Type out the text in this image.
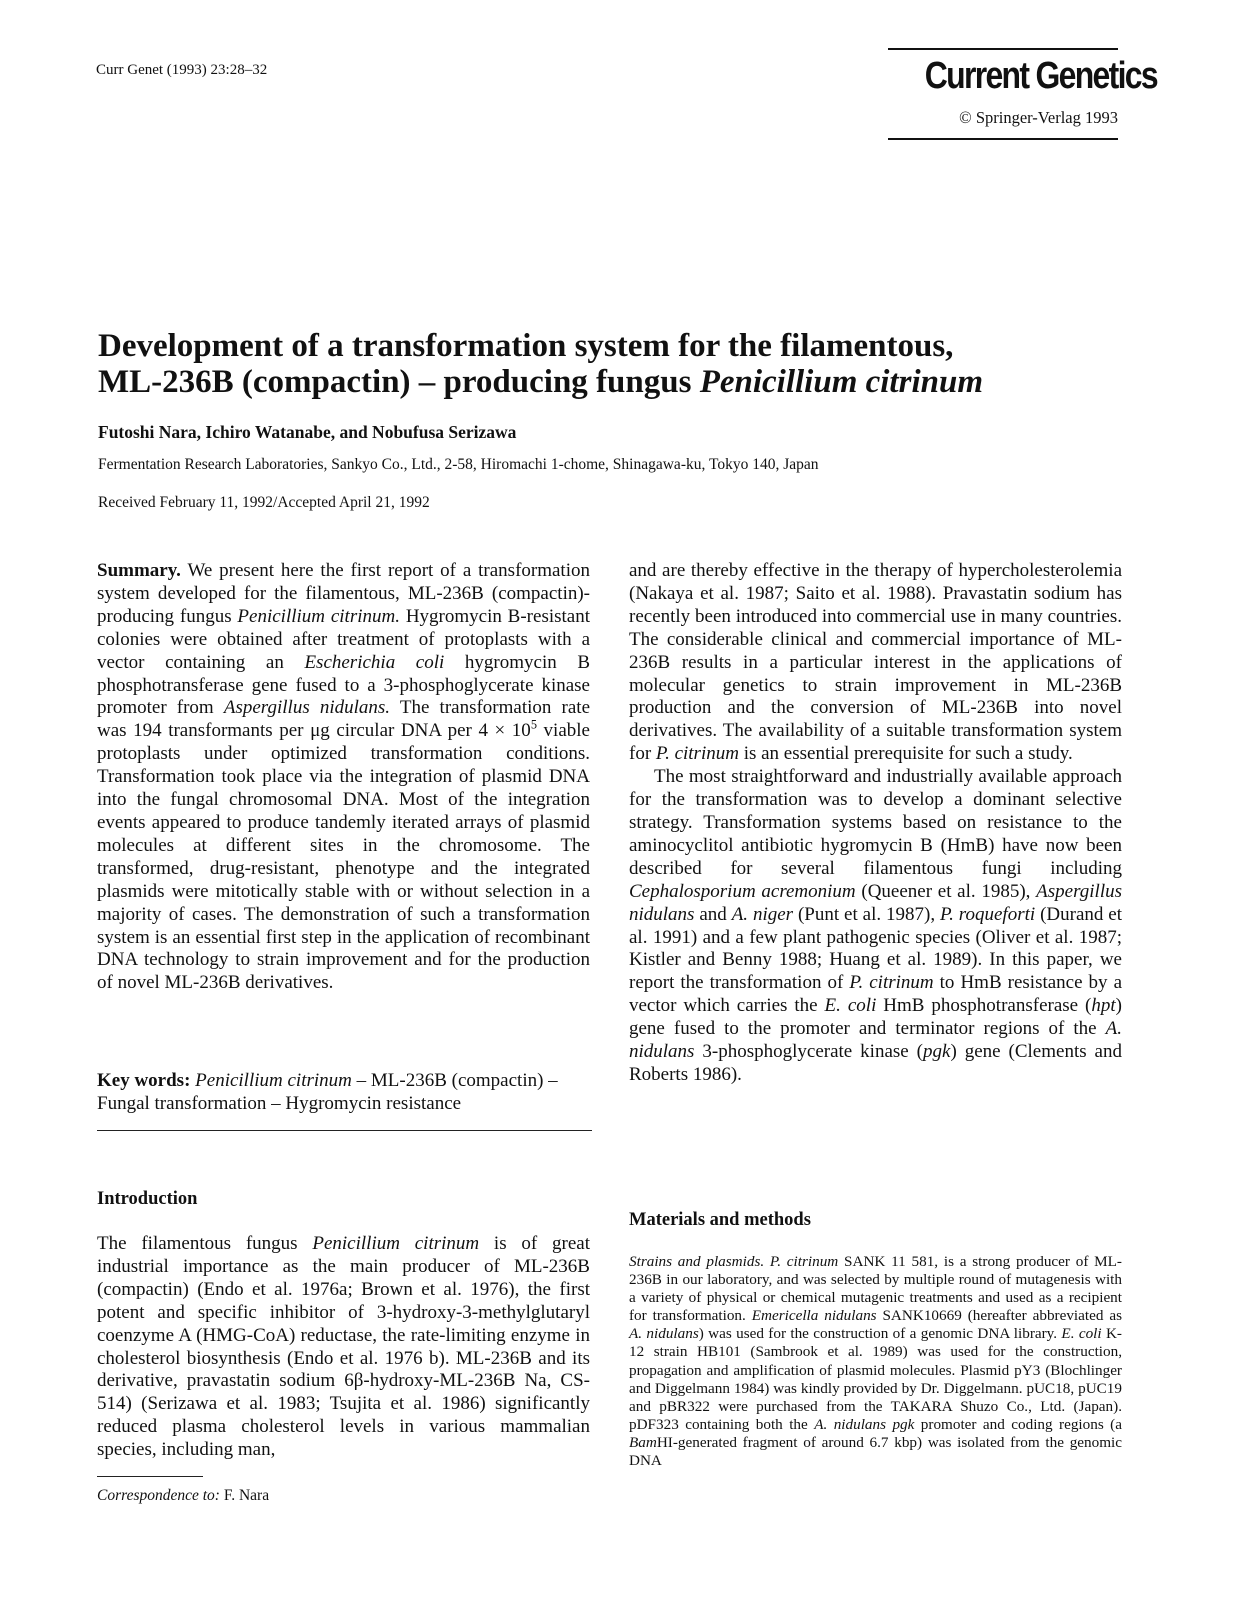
Curr Genet (1993) 23:28–32	Current Genetics
© Springer-Verlag 1993
Development of a transformation system for the filamentous,
ML-236B (compactin) – producing fungus Penicillium citrinum
Futoshi Nara, Ichiro Watanabe, and Nobufusa Serizawa
Fermentation Research Laboratories, Sankyo Co., Ltd., 2-58, Hiromachi 1-chome, Shinagawa-ku, Tokyo 140, Japan
Received February 11, 1992/Accepted April 21, 1992

Summary. We present here the first report of a transformation system developed for the filamentous, ML-236B (compactin)-producing fungus Penicillium citrinum. Hygromycin B-resistant colonies were obtained after treatment of protoplasts with a vector containing an Escherichia coli hygromycin B phosphotransferase gene fused to a 3-phosphoglycerate kinase promoter from Aspergillus nidulans. The transformation rate was 194 transformants per μg circular DNA per $4 \times 10^5$ viable protoplasts under optimized transformation conditions. Transformation took place via the integration of plasmid DNA into the fungal chromosomal DNA. Most of the integration events appeared to produce tandemly iterated arrays of plasmid molecules at different sites in the chromosome. The transformed, drug-resistant, phenotype and the integrated plasmids were mitotically stable with or without selection in a majority of cases. The demonstration of such a transformation system is an essential first step in the application of recombinant DNA technology to strain improvement and for the production of novel ML-236B derivatives.

Key words: Penicillium citrinum – ML-236B (compactin) – Fungal transformation – Hygromycin resistance
Introduction

The filamentous fungus Penicillium citrinum is of great industrial importance as the main producer of ML-236B (compactin) (Endo et al. 1976a; Brown et al. 1976), the first potent and specific inhibitor of 3-hydroxy-3-methylglutaryl coenzyme A (HMG-CoA) reductase, the rate-limiting enzyme in cholesterol biosynthesis (Endo et al. 1976 b). ML-236B and its derivative, pravastatin sodium 6β-hydroxy-ML-236B Na, CS-514) (Serizawa et al. 1983; Tsujita et al. 1986) significantly reduced plasma cholesterol levels in various mammalian species, including man,

Correspondence to: F. Nara

and are thereby effective in the therapy of hypercholesterolemia (Nakaya et al. 1987; Saito et al. 1988). Pravastatin sodium has recently been introduced into commercial use in many countries. The considerable clinical and commercial importance of ML-236B results in a particular interest in the applications of molecular genetics to strain improvement in ML-236B production and the conversion of ML-236B into novel derivatives. The availability of a suitable transformation system for P. citrinum is an essential prerequisite for such a study.

The most straightforward and industrially available approach for the transformation was to develop a dominant selective strategy. Transformation systems based on resistance to the aminocyclitol antibiotic hygromycin B (HmB) have now been described for several filamentous fungi including Cephalosporium acremonium (Queener et al. 1985), Aspergillus nidulans and A. niger (Punt et al. 1987), P. roqueforti (Durand et al. 1991) and a few plant pathogenic species (Oliver et al. 1987; Kistler and Benny 1988; Huang et al. 1989). In this paper, we report the transformation of P. citrinum to HmB resistance by a vector which carries the E. coli HmB phosphotransferase (hpt) gene fused to the promoter and terminator regions of the A. nidulans 3-phosphoglycerate kinase (pgk) gene (Clements and Roberts 1986).

Materials and methods

Strains and plasmids. P. citrinum SANK 11 581, is a strong producer of ML-236B in our laboratory, and was selected by multiple round of mutagenesis with a variety of physical or chemical mutagenic treatments and used as a recipient for transformation. Emericella nidulans SANK10669 (hereafter abbreviated as A. nidulans) was used for the construction of a genomic DNA library. E. coli K-12 strain HB101 (Sambrook et al. 1989) was used for the construction, propagation and amplification of plasmid molecules. Plasmid pY3 (Blochlinger and Diggelmann 1984) was kindly provided by Dr. Diggelmann. pUC18, pUC19 and pBR322 were purchased from the TAKARA Shuzo Co., Ltd. (Japan). pDF323 containing both the A. nidulans pgk promoter and coding regions (a BamHI-generated fragment of around 6.7 kbp) was isolated from the genomic DNA
